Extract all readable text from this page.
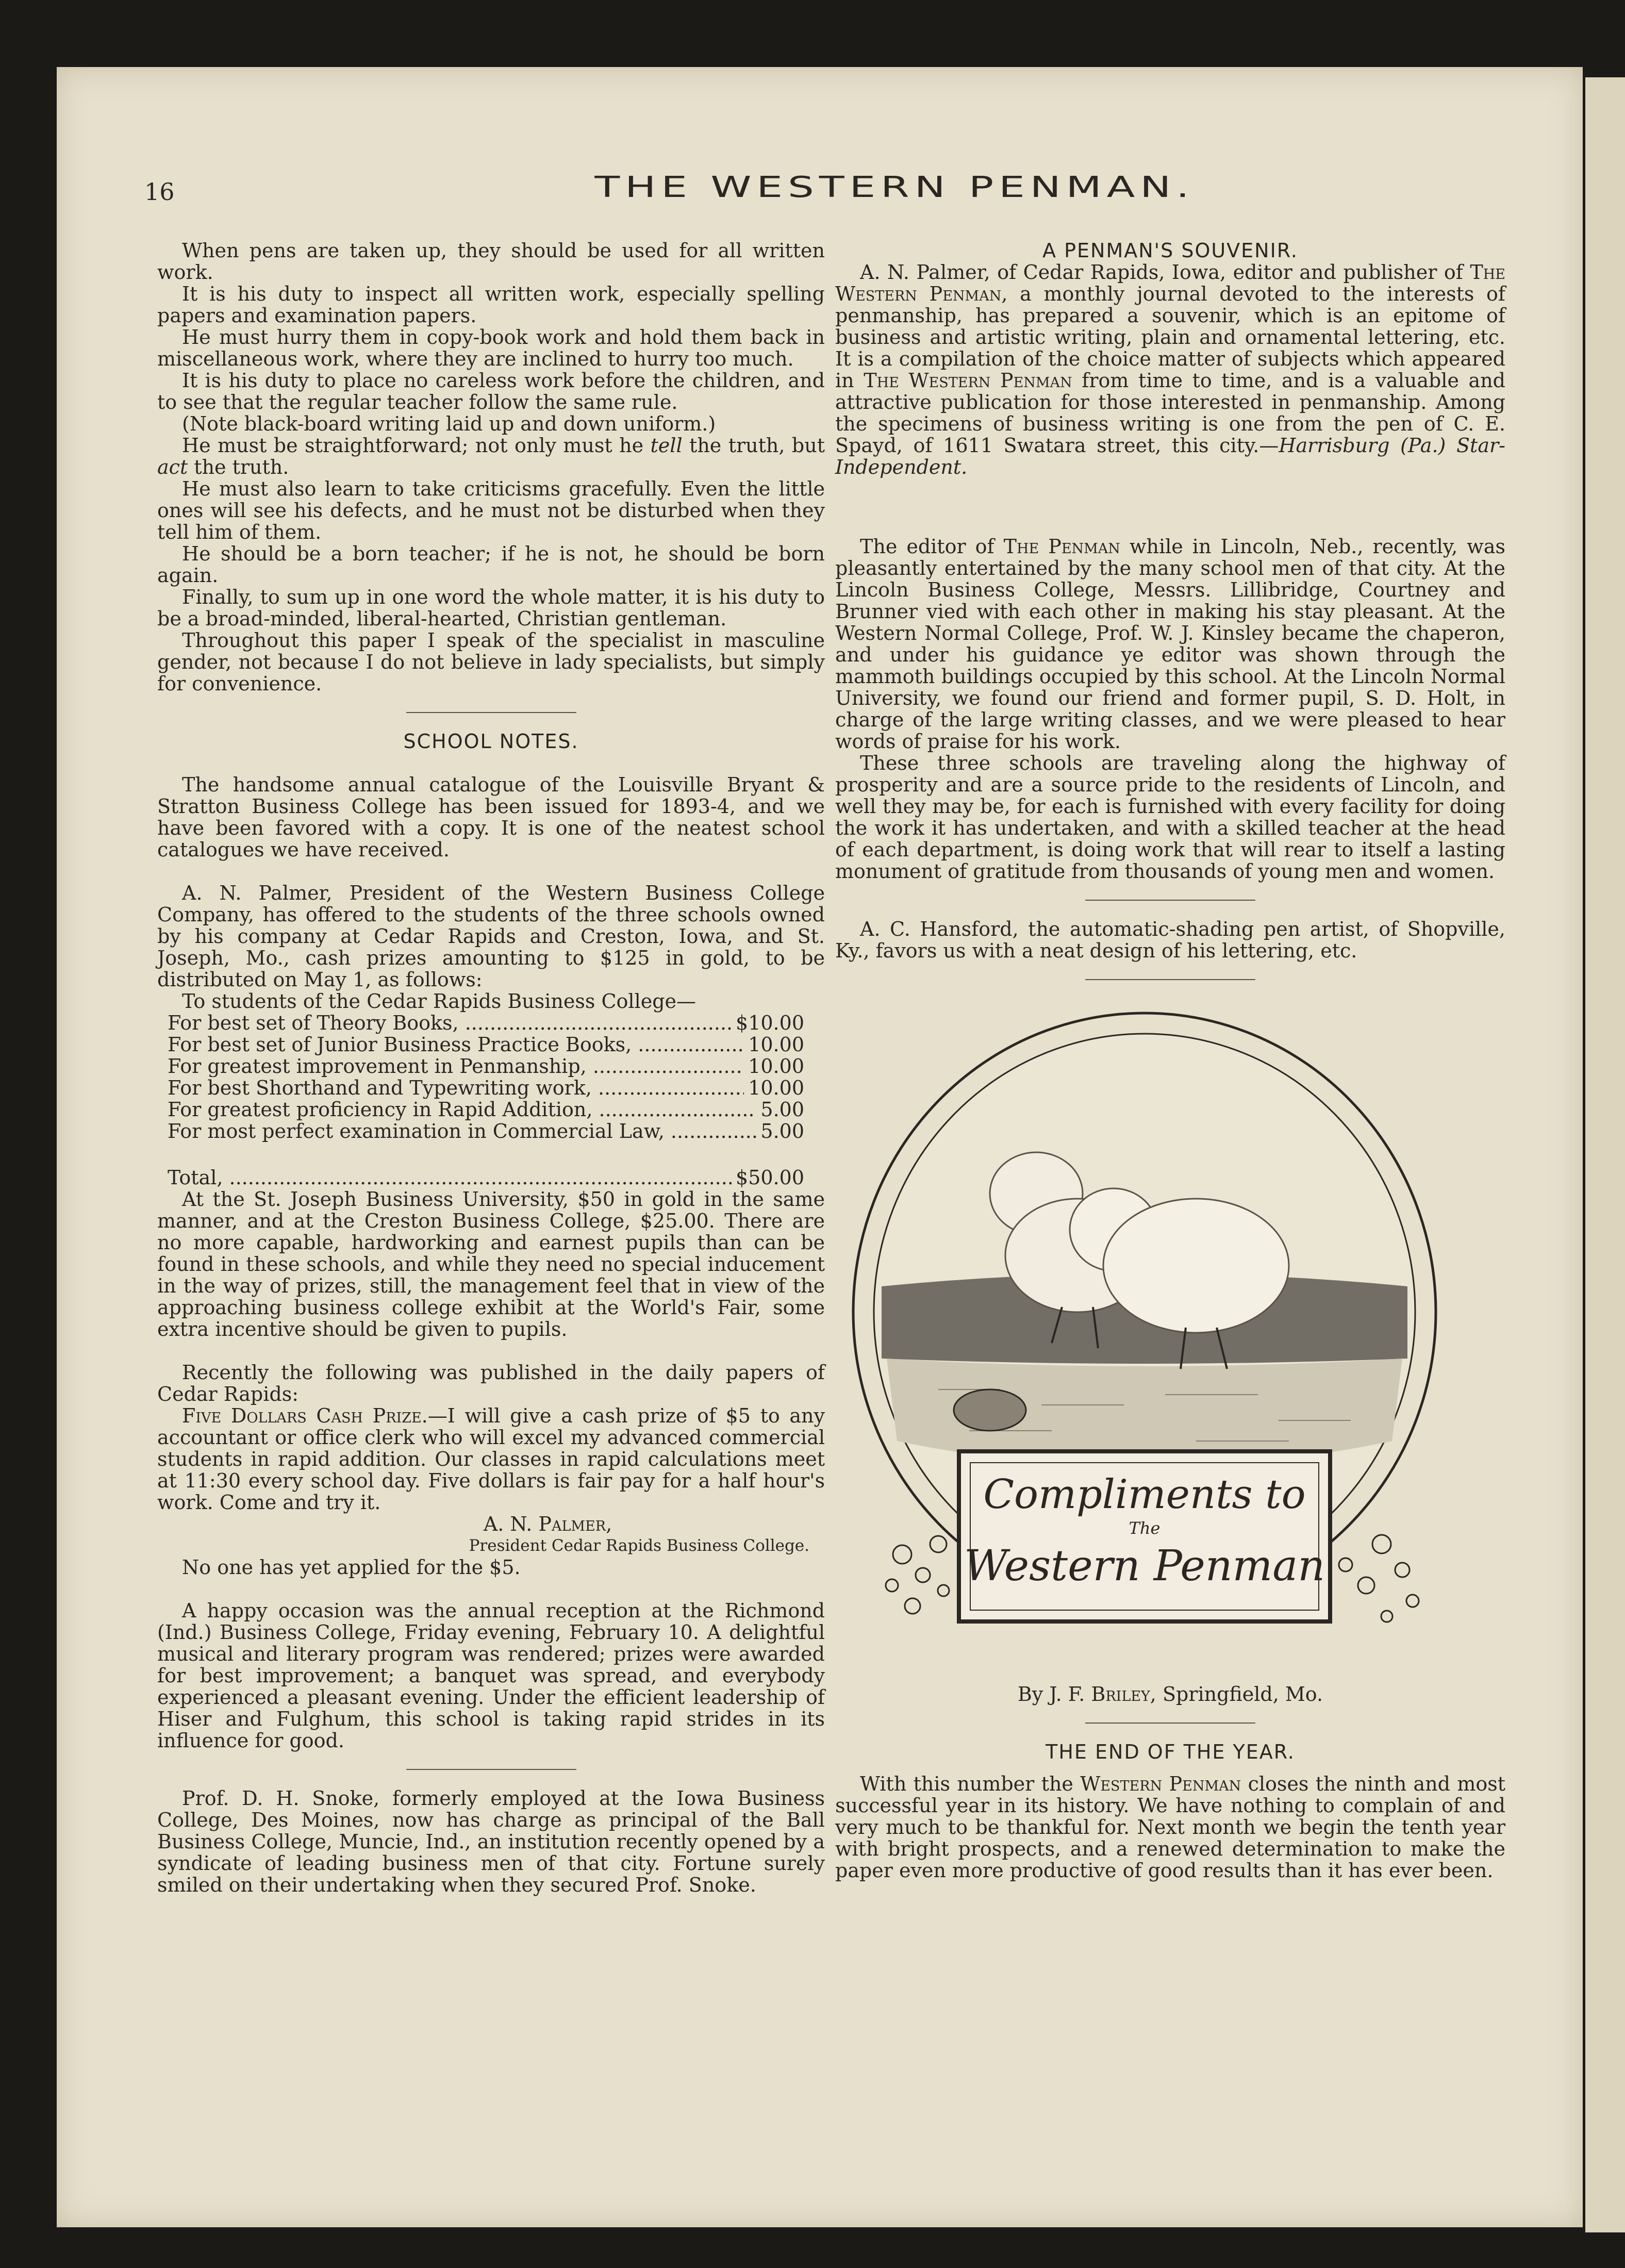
16	THE WESTERN PENMAN.

When pens are taken up, they should be used for all written work.

It is his duty to inspect all written work, especially spelling papers and examination papers.

He must hurry them in copy-book work and hold them back in miscellaneous work, where they are inclined to hurry too much.

It is his duty to place no careless work before the children, and to see that the regular teacher follow the same rule.

(Note black-board writing laid up and down uniform.)

He must be straightforward; not only must he tell the truth, but act the truth.

He must also learn to take criticisms gracefully. Even the little ones will see his defects, and he must not be disturbed when they tell him of them.

He should be a born teacher; if he is not, he should be born again.

Finally, to sum up in one word the whole matter, it is his duty to be a broad-minded, liberal-hearted, Christian gentleman.

Throughout this paper I speak of the specialist in masculine gender, not because I do not believe in lady specialists, but simply for convenience.

SCHOOL NOTES.

The handsome annual catalogue of the Louisville Bryant & Stratton Business College has been issued for 1893-4, and we have been favored with a copy. It is one of the neatest school catalogues we have received.

A. N. Palmer, President of the Western Business College Company, has offered to the students of the three schools owned by his company at Cedar Rapids and Creston, Iowa, and St. Joseph, Mo., cash prizes amounting to $125 in gold, to be distributed on May 1, as follows:

To students of the Cedar Rapids Business College—

For best set of Theory Books, .....	$10.00
For best set of Junior Business Practice Books, .....	10.00
For greatest improvement in Penmanship, .....	10.00
For best Shorthand and Typewriting work, .....	10.00
For greatest proficiency in Rapid Addition, .....	5.00
For most perfect examination in Commercial Law, .....	5.00
Total, .....	$50.00

At the St. Joseph Business University, $50 in gold in the same manner, and at the Creston Business College, $25.00. There are no more capable, hardworking and earnest pupils than can be found in these schools, and while they need no special inducement in the way of prizes, still, the management feel that in view of the approaching business college exhibit at the World's Fair, some extra incentive should be given to pupils.

Recently the following was published in the daily papers of Cedar Rapids:

Five Dollars Cash Prize.—I will give a cash prize of $5 to any accountant or office clerk who will excel my advanced commercial students in rapid addition. Our classes in rapid calculations meet at 11:30 every school day. Five dollars is fair pay for a half hour's work. Come and try it.

A. N. Palmer,

President Cedar Rapids Business College.

No one has yet applied for the $5.

A happy occasion was the annual reception at the Richmond (Ind.) Business College, Friday evening, February 10. A delightful musical and literary program was rendered; prizes were awarded for best improvement; a banquet was spread, and everybody experienced a pleasant evening. Under the efficient leadership of Hiser and Fulghum, this school is taking rapid strides in its influence for good.

Prof. D. H. Snoke, formerly employed at the Iowa Business College, Des Moines, now has charge as principal of the Ball Business College, Muncie, Ind., an institution recently opened by a syndicate of leading business men of that city. Fortune surely smiled on their undertaking when they secured Prof. Snoke.

A PENMAN'S SOUVENIR.

A. N. Palmer, of Cedar Rapids, Iowa, editor and publisher of The Western Penman, a monthly journal devoted to the interests of penmanship, has prepared a souvenir, which is an epitome of business and artistic writing, plain and ornamental lettering, etc. It is a compilation of the choice matter of subjects which appeared in The Western Penman from time to time, and is a valuable and attractive publication for those interested in penmanship. Among the specimens of business writing is one from the pen of C. E. Spayd, of 1611 Swatara street, this city.—Harrisburg (Pa.) Star-Independent.

The editor of The Penman while in Lincoln, Neb., recently, was pleasantly entertained by the many school men of that city. At the Lincoln Business College, Messrs. Lillibridge, Courtney and Brunner vied with each other in making his stay pleasant. At the Western Normal College, Prof. W. J. Kinsley became the chaperon, and under his guidance ye editor was shown through the mammoth buildings occupied by this school. At the Lincoln Normal University, we found our friend and former pupil, S. D. Holt, in charge of the large writing classes, and we were pleased to hear words of praise for his work.

These three schools are traveling along the highway of prosperity and are a source pride to the residents of Lincoln, and well they may be, for each is furnished with every facility for doing the work it has undertaken, and with a skilled teacher at the head of each department, is doing work that will rear to itself a lasting monument of gratitude from thousands of young men and women.

A. C. Hansford, the automatic-shading pen artist, of Shopville, Ky., favors us with a neat design of his lettering, etc.

Compliments to
The
Western Penman

By J. F. Briley, Springfield, Mo.

THE END OF THE YEAR.

With this number the Western Penman closes the ninth and most successful year in its history. We have nothing to complain of and very much to be thankful for. Next month we begin the tenth year with bright prospects, and a renewed determination to make the paper even more productive of good results than it has ever been.
